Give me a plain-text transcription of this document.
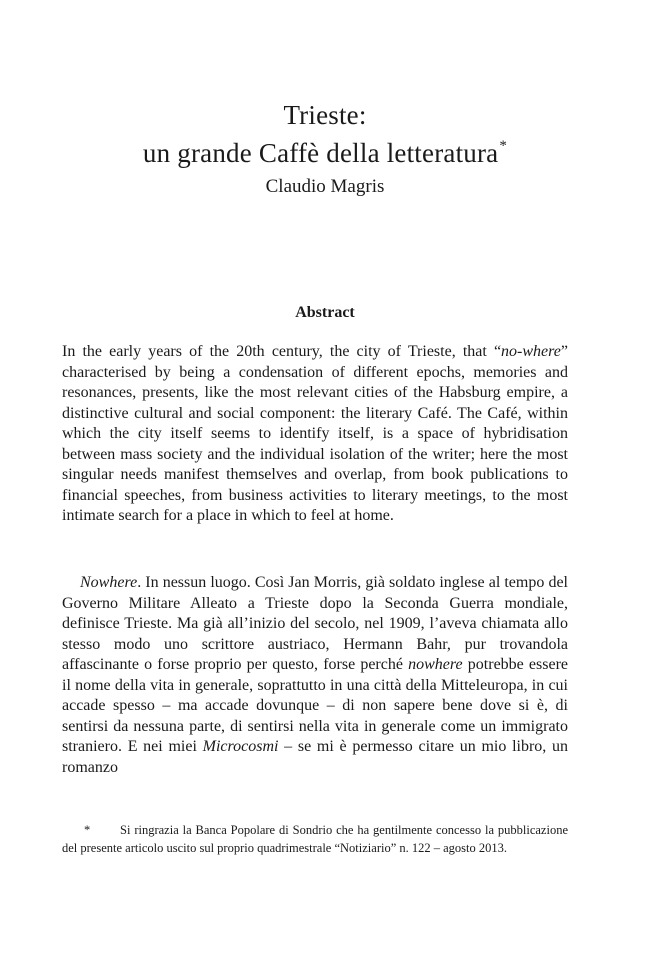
Trieste:
un grande Caffè della letteratura*
Claudio Magris
Abstract
In the early years of the 20th century, the city of Trieste, that “no-where” characterised by being a condensation of different epochs, memories and resonances, presents, like the most relevant cities of the Habsburg empire, a distinctive cultural and social component: the literary Café. The Café, within which the city itself seems to identify itself, is a space of hybridisation between mass society and the individual isolation of the writer; here the most singular needs manifest themselves and overlap, from book publications to financial speeches, from business activities to literary meetings, to the most intimate search for a place in which to feel at home.
Nowhere. In nessun luogo. Così Jan Morris, già soldato inglese al tempo del Governo Militare Alleato a Trieste dopo la Seconda Guerra mondiale, definisce Trieste. Ma già all’inizio del secolo, nel 1909, l’aveva chiamata allo stesso modo uno scrittore austriaco, Hermann Bahr, pur trovandola affascinante o forse proprio per questo, forse perché nowhere potrebbe essere il nome della vita in generale, soprattutto in una città della Mitteleuropa, in cui accade spesso – ma accade dovunque – di non sapere bene dove si è, di sentirsi da nessuna parte, di sentirsi nella vita in generale come un immigrato straniero. E nei miei Microcosmi – se mi è permesso citare un mio libro, un romanzo
* Si ringrazia la Banca Popolare di Sondrio che ha gentilmente concesso la pubblicazione del presente articolo uscito sul proprio quadrimestrale “Notiziario” n. 122 – agosto 2013.
